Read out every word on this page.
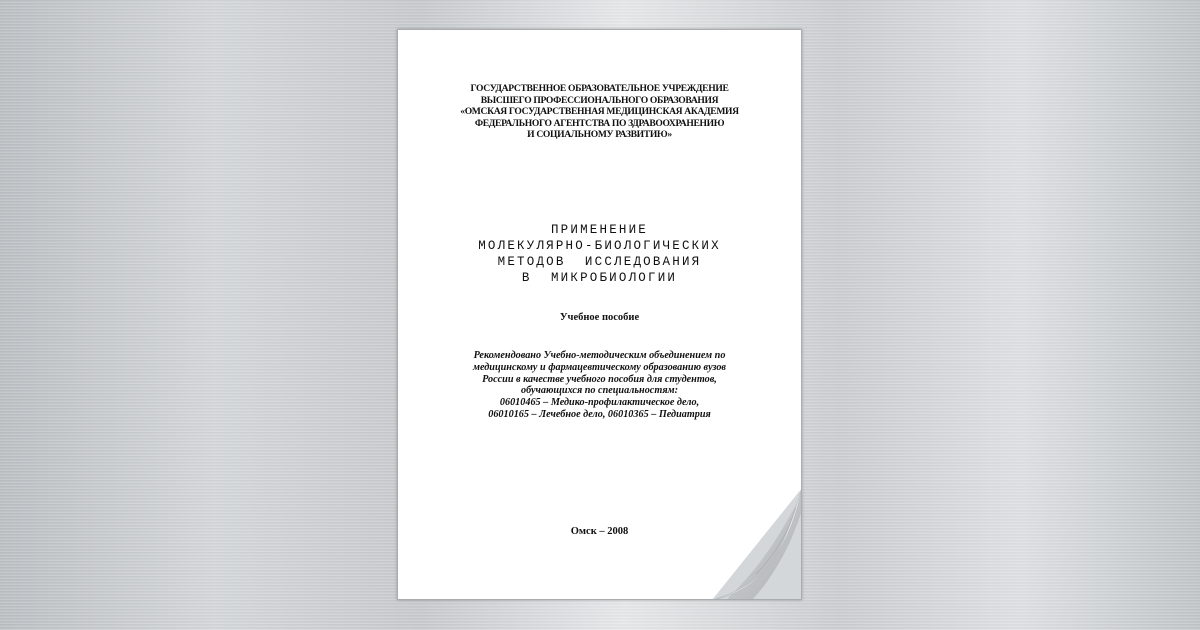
ГОСУДАРСТВЕННОЕ ОБРАЗОВАТЕЛЬНОЕ УЧРЕЖДЕНИЕ
ВЫСШЕГО ПРОФЕССИОНАЛЬНОГО ОБРАЗОВАНИЯ
«ОМСКАЯ ГОСУДАРСТВЕННАЯ МЕДИЦИНСКАЯ АКАДЕМИЯ
ФЕДЕРАЛЬНОГО АГЕНТСТВА ПО ЗДРАВООХРАНЕНИЮ
И СОЦИАЛЬНОМУ РАЗВИТИЮ»
ПРИМЕНЕНИЕ
МОЛЕКУЛЯРНО-БИОЛОГИЧЕСКИХ
МЕТОДОВ  ИССЛЕДОВАНИЯ
В  МИКРОБИОЛОГИИ
Учебное пособие
Рекомендовано Учебно-методическим объединением по
медицинскому и фармацевтическому образованию вузов
России в качестве учебного пособия для студентов,
обучающихся по специальностям:
06010465 – Медико-профилактическое дело,
06010165 – Лечебное дело, 06010365 – Педиатрия
Омск – 2008
